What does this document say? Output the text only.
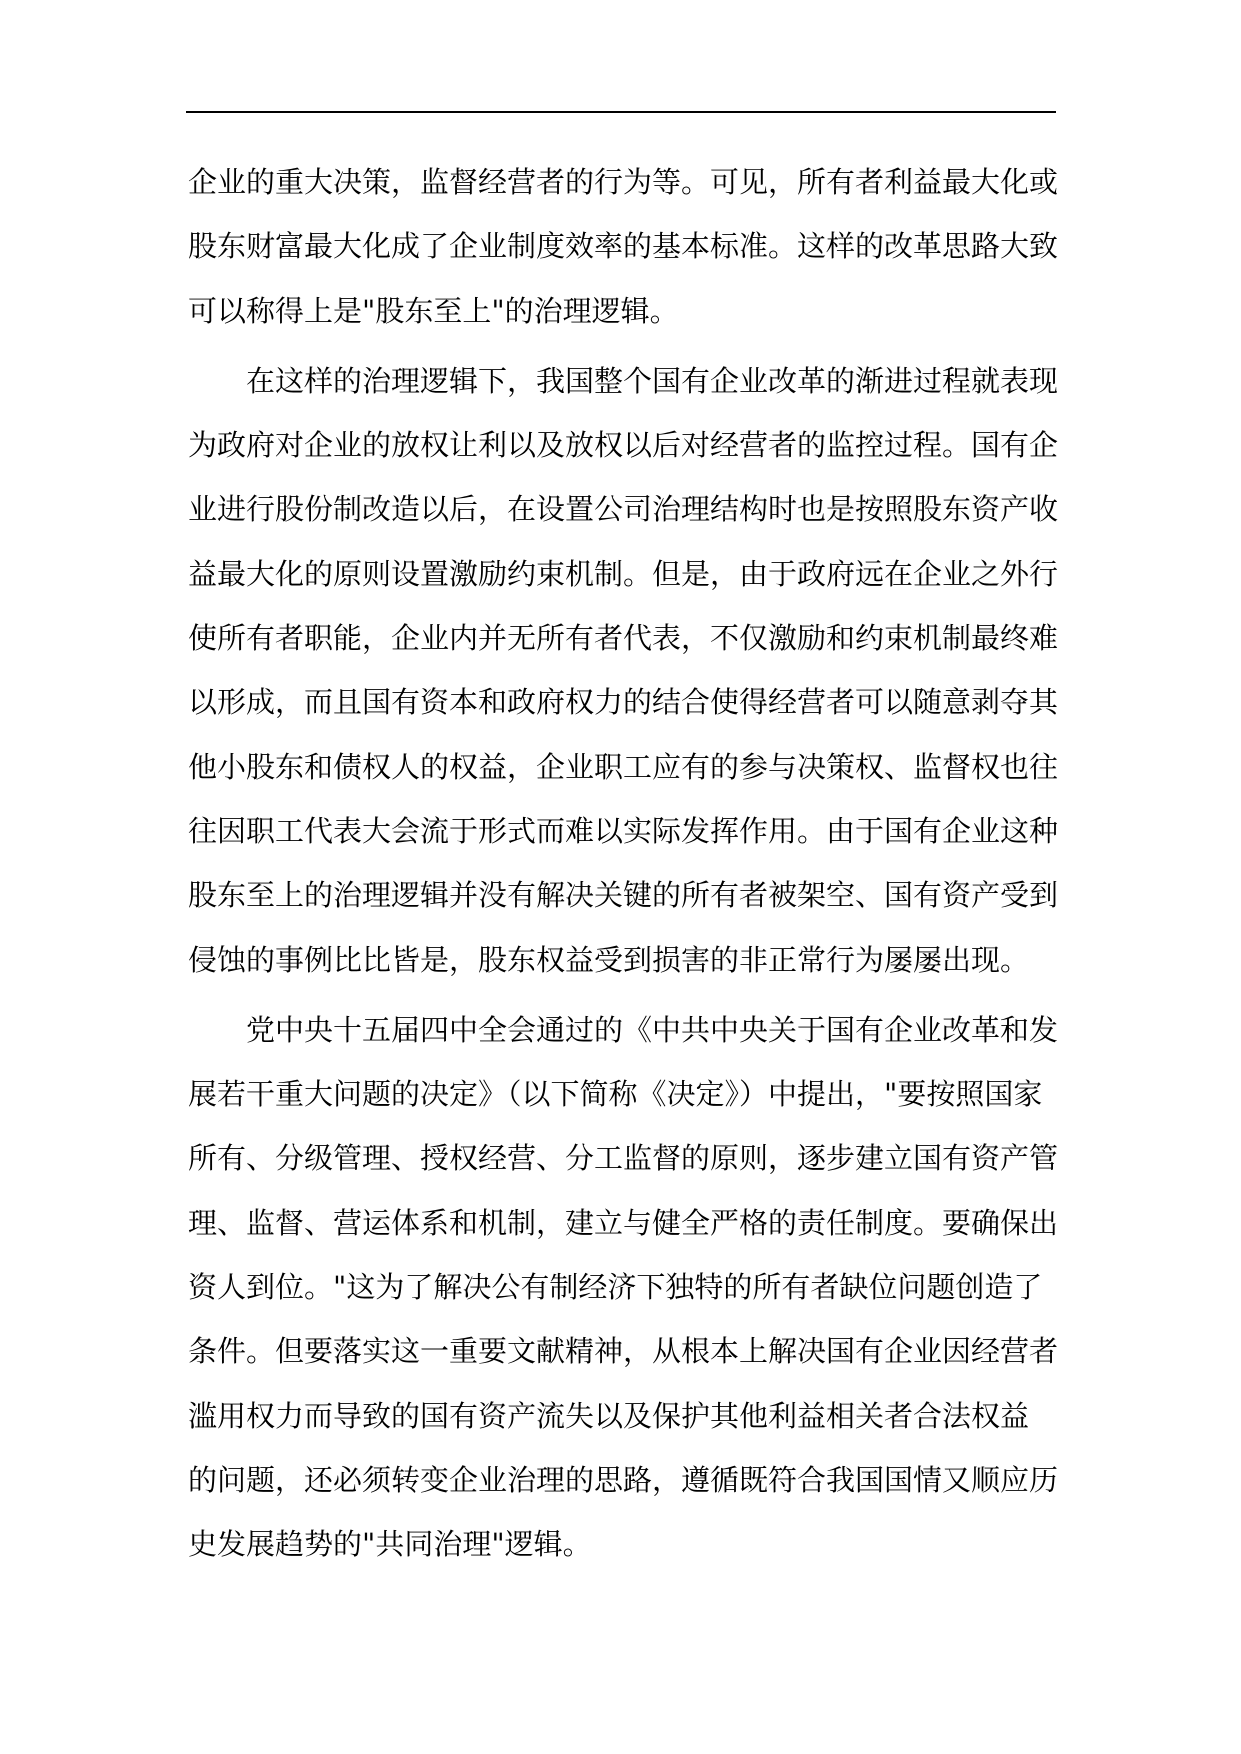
企业的重大决策，监督经营者的行为等。可见，所有者利益最大化或
股东财富最大化成了企业制度效率的基本标准。这样的改革思路大致
可以称得上是"股东至上"的治理逻辑。
在这样的治理逻辑下，我国整个国有企业改革的渐进过程就表现
为政府对企业的放权让利以及放权以后对经营者的监控过程。国有企
业进行股份制改造以后，在设置公司治理结构时也是按照股东资产收
益最大化的原则设置激励约束机制。但是，由于政府远在企业之外行
使所有者职能，企业内并无所有者代表，不仅激励和约束机制最终难
以形成，而且国有资本和政府权力的结合使得经营者可以随意剥夺其
他小股东和债权人的权益，企业职工应有的参与决策权、监督权也往
往因职工代表大会流于形式而难以实际发挥作用。由于国有企业这种
股东至上的治理逻辑并没有解决关键的所有者被架空、国有资产受到
侵蚀的事例比比皆是，股东权益受到损害的非正常行为屡屡出现。
党中央十五届四中全会通过的《中共中央关于国有企业改革和发
展若干重大问题的决定》（以下简称《决定》）中提出，"要按照国家
所有、分级管理、授权经营、分工监督的原则，逐步建立国有资产管
理、监督、营运体系和机制，建立与健全严格的责任制度。要确保出
资人到位。"这为了解决公有制经济下独特的所有者缺位问题创造了
条件。但要落实这一重要文献精神，从根本上解决国有企业因经营者
滥用权力而导致的国有资产流失以及保护其他利益相关者合法权益
的问题，还必须转变企业治理的思路，遵循既符合我国国情又顺应历
史发展趋势的"共同治理"逻辑。
